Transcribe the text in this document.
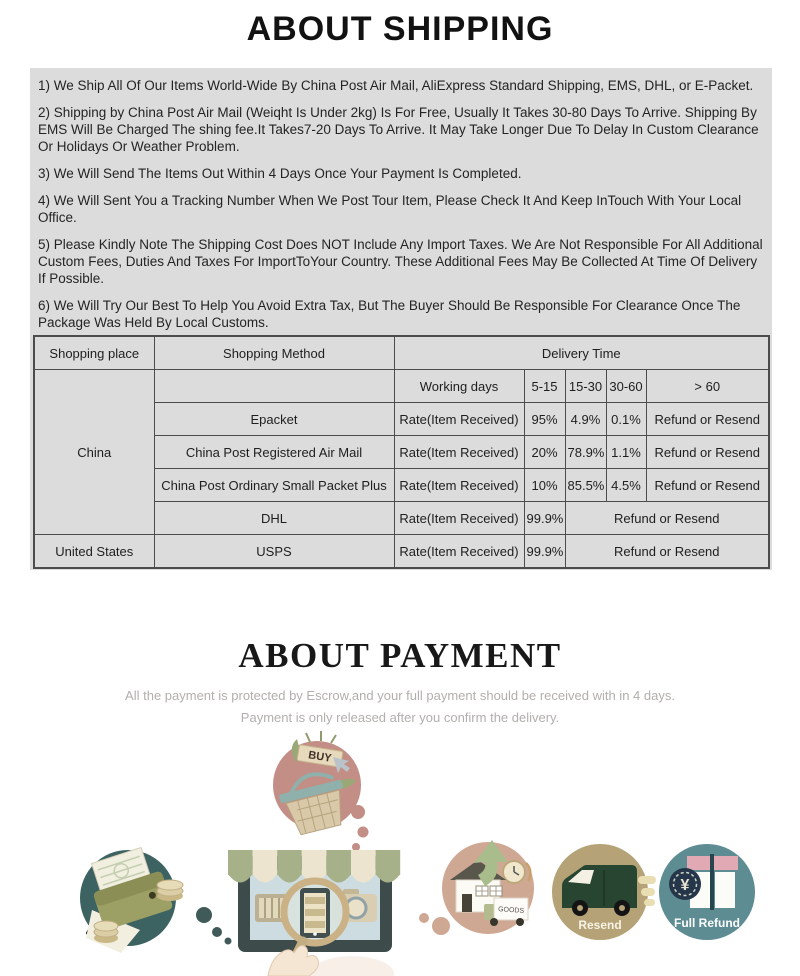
ABOUT SHIPPING

1) We Ship All Of Our Items World-Wide By China Post Air Mail, AliExpress Standard Shipping, EMS, DHL, or E-Packet.

2) Shipping by China Post Air Mail (Weiqht Is Under 2kg) Is For Free, Usually It Takes 30-80 Days To Arrive. Shipping By EMS Will Be Charged The shing fee.It Takes7-20 Days To Arrive. It May Take Longer Due To Delay In Custom Clearance Or Holidays Or Weather Problem.

3) We Will Send The Items Out Within 4 Days Once Your Payment Is Completed.

4) We Will Sent You a Tracking Number When We Post Tour Item, Please Check It And Keep InTouch With Your Local Office.

5) Please Kindly Note The Shipping Cost Does NOT Include Any Import Taxes. We Are Not Responsible For All Additional Custom Fees, Duties And Taxes For ImportToYour Country. These Additional Fees May Be Collected At Time Of Delivery If Possible.

6) We Will Try Our Best To Help You Avoid Extra Tax, But The Buyer Should Be Responsible For Clearance Once The Package Was Held By Local Customs.

Shopping place	Shopping Method	Delivery Time				
China		Working days	5-15	15-30	30-60	> 60
	Epacket	Rate(Item Received)	95%	4.9%	0.1%	Refund or Resend
	China Post Registered Air Mail	Rate(Item Received)	20%	78.9%	1.1%	Refund or Resend
	China Post Ordinary Small Packet Plus	Rate(Item Received)	10%	85.5%	4.5%	Refund or Resend
	DHL	Rate(Item Received)	99.9%	Refund or Resend		
United States	USPS	Rate(Item Received)	99.9%	Refund or Resend		
ABOUT PAYMENT
All the payment is protected by Escrow,and your full payment should be received with in 4 days.
Payment is only released after you confirm the delivery.
BUY
GOODS
Resend
¥
Full Refund
